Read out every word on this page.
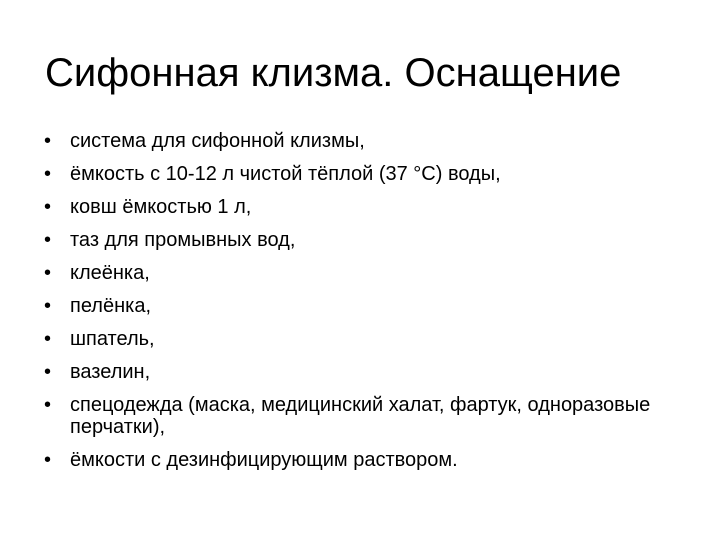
Сифонная клизма. Оснащение
• система для сифонной клизмы,
• ёмкость с 10-12 л чистой тёплой (37 °С) воды,
• ковш ёмкостью 1 л,
• таз для промывных вод,
• клеёнка,
• пелёнка,
• шпатель,
• вазелин,
• спецодежда (маска, медицинский халат, фартук, одноразовые перчатки),
• ёмкости с дезинфицирующим раствором.
